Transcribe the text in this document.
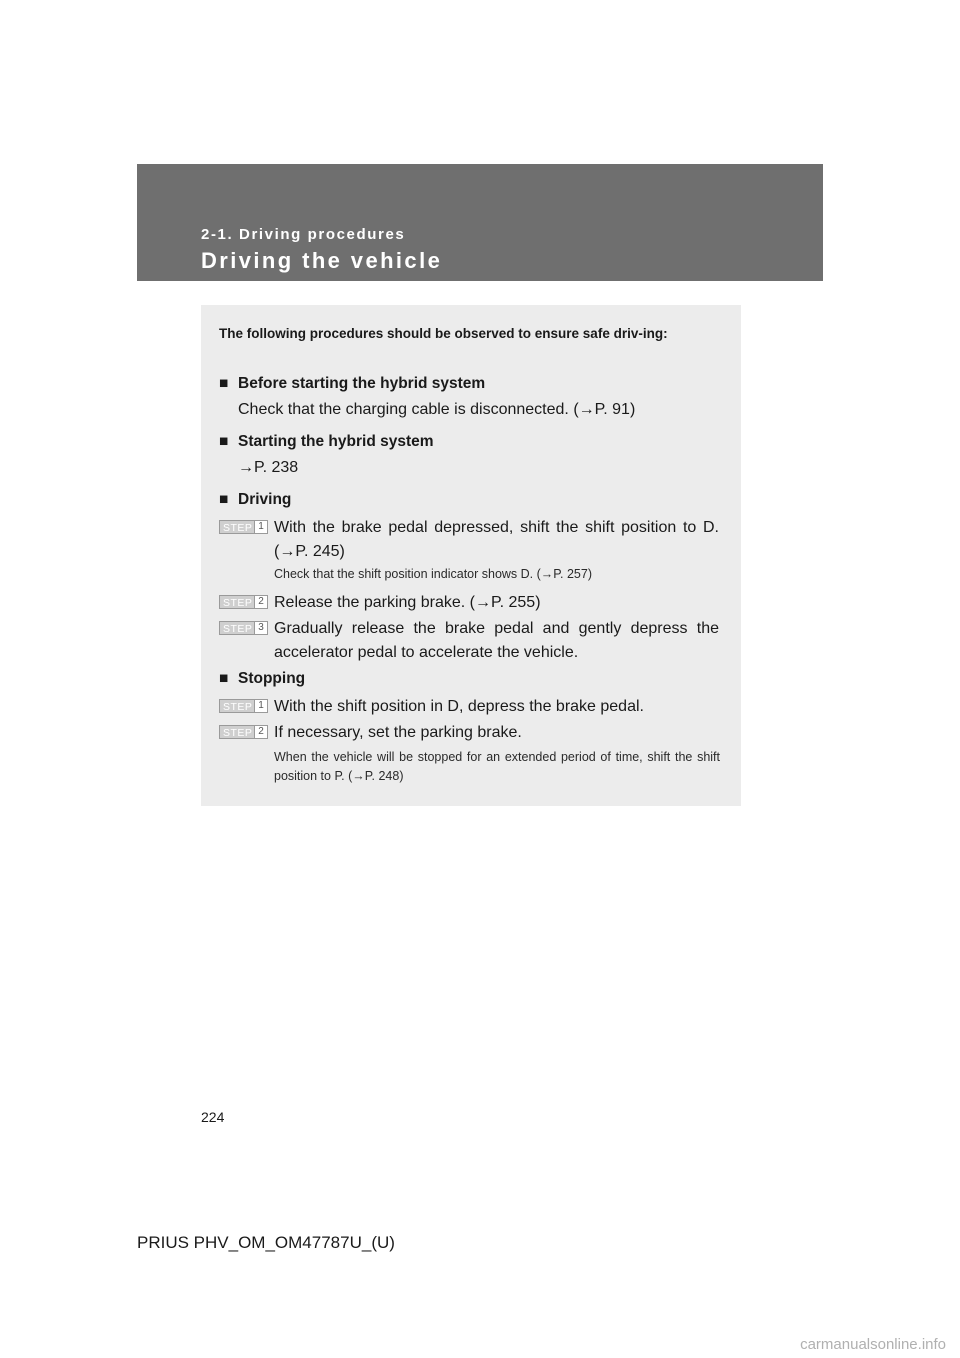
2-1. Driving procedures
Driving the vehicle
The following procedures should be observed to ensure safe driv-ing:
■ Before starting the hybrid system
Check that the charging cable is disconnected. (→P. 91)
■ Starting the hybrid system
→P. 238
■ Driving
STEP 1 With the brake pedal depressed, shift the shift position to D. (→P. 245)
Check that the shift position indicator shows D. (→P. 257)
STEP 2 Release the parking brake. (→P. 255)
STEP 3 Gradually release the brake pedal and gently depress the accelerator pedal to accelerate the vehicle.
■ Stopping
STEP 1 With the shift position in D, depress the brake pedal.
STEP 2 If necessary, set the parking brake.
When the vehicle will be stopped for an extended period of time, shift the shift position to P. (→P. 248)
224
PRIUS PHV_OM_OM47787U_(U)
carmanualsonline.info
